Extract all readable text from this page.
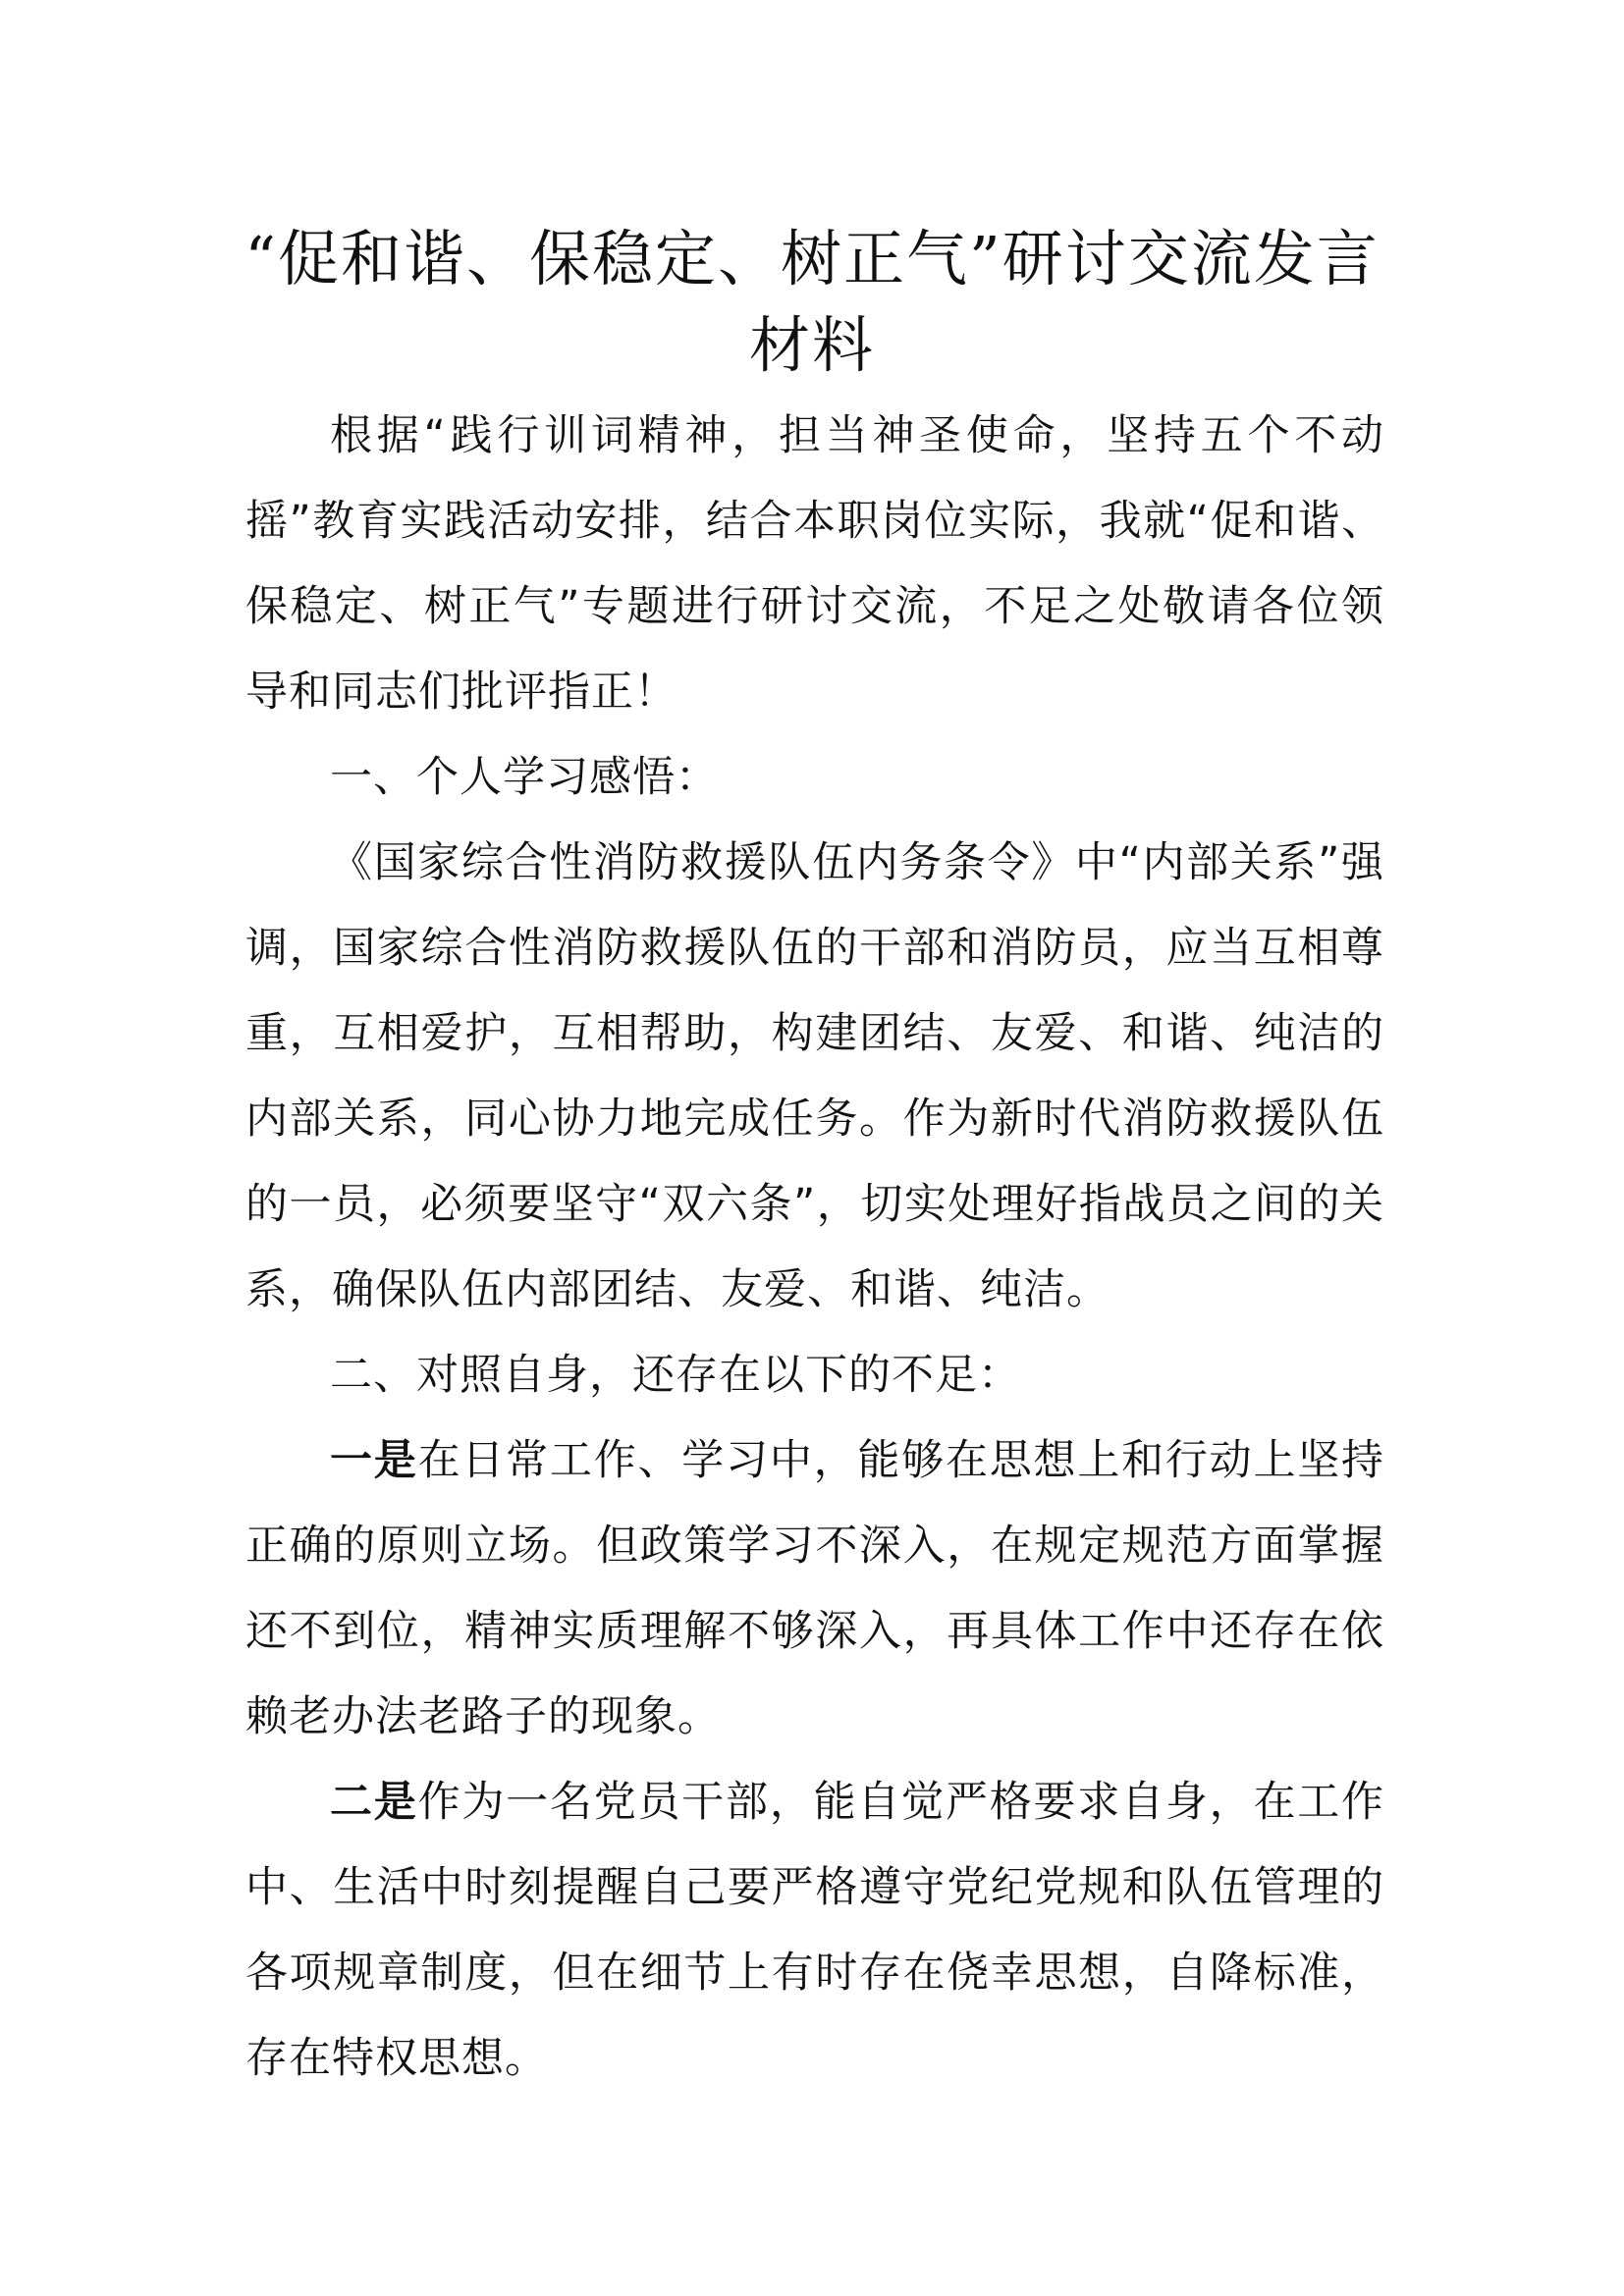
“促和谐、保稳定、树正气”研讨交流发言
材料

根据“践行训词精神，担当神圣使命，坚持五个不动摇”教育实践活动安排，结合本职岗位实际，我就“促和谐、保稳定、树正气”专题进行研讨交流，不足之处敬请各位领导和同志们批评指正！

一、个人学习感悟：

《国家综合性消防救援队伍内务条令》中“内部关系”强调，国家综合性消防救援队伍的干部和消防员，应当互相尊重，互相爱护，互相帮助，构建团结、友爱、和谐、纯洁的内部关系，同心协力地完成任务。作为新时代消防救援队伍的一员，必须要坚守“双六条”，切实处理好指战员之间的关系，确保队伍内部团结、友爱、和谐、纯洁。

二、对照自身，还存在以下的不足：

一是在日常工作、学习中，能够在思想上和行动上坚持正确的原则立场。但政策学习不深入，在规定规范方面掌握还不到位，精神实质理解不够深入，再具体工作中还存在依赖老办法老路子的现象。

二是作为一名党员干部，能自觉严格要求自身，在工作中、生活中时刻提醒自己要严格遵守党纪党规和队伍管理的各项规章制度，但在细节上有时存在侥幸思想，自降标准，存在特权思想。
